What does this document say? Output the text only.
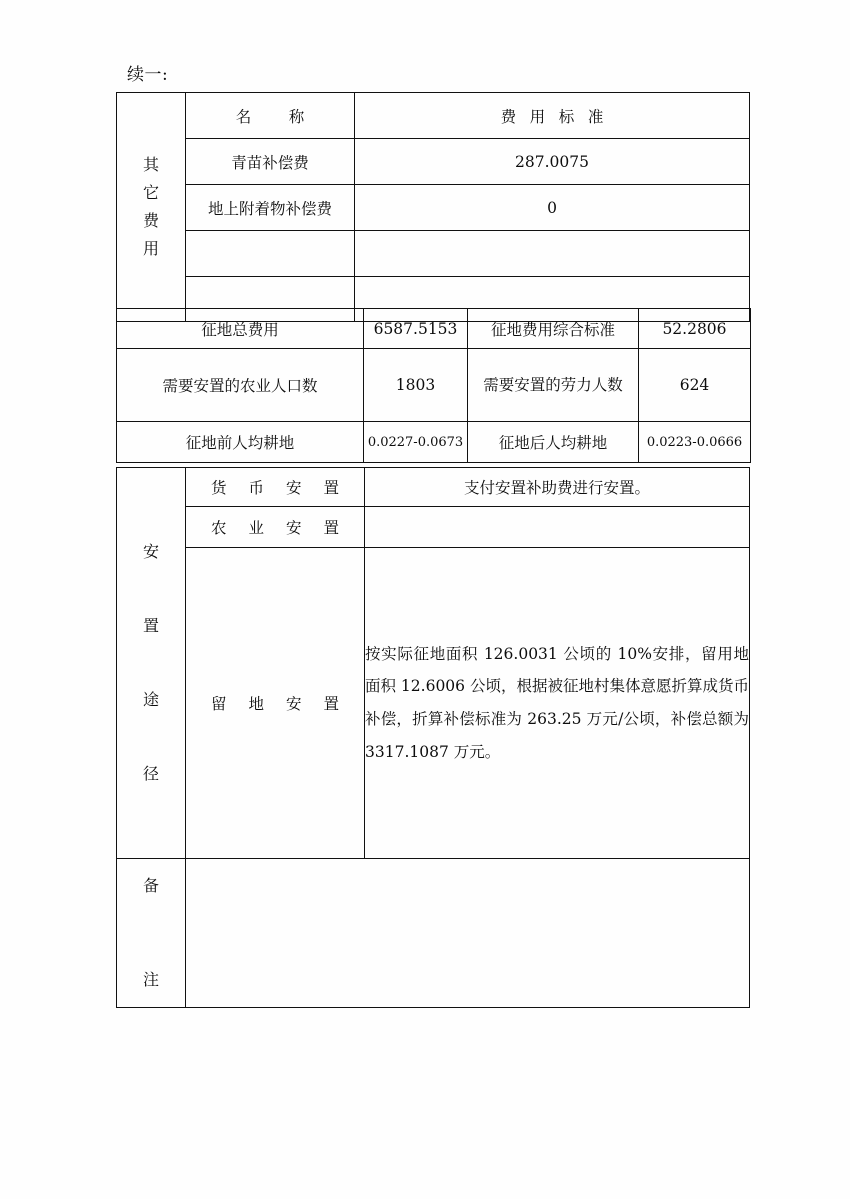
续一:
其
它
费
用	名 称	费 用 标 准
	青苗补偿费	287.0075
	地上附着物补偿费	0

征地总费用	6587.5153	征地费用综合标准	52.2806
需要安置的农业人口数	1803	需要安置的劳力人数	624
征地前人均耕地	0.0227-0.0673	征地后人均耕地	0.0223-0.0666
安
置
途
径	货 币 安 置	支付安置补助费进行安置。
	农 业 安 置	
	留 地 安 置	按实际征地面积 126.0031 公顷的 10%安排，留用地面积 12.6006 公顷，根据被征地村集体意愿折算成货币补偿，折算补偿标准为 263.25 万元/公顷，补偿总额为 3317.1087 万元。

备
注		
